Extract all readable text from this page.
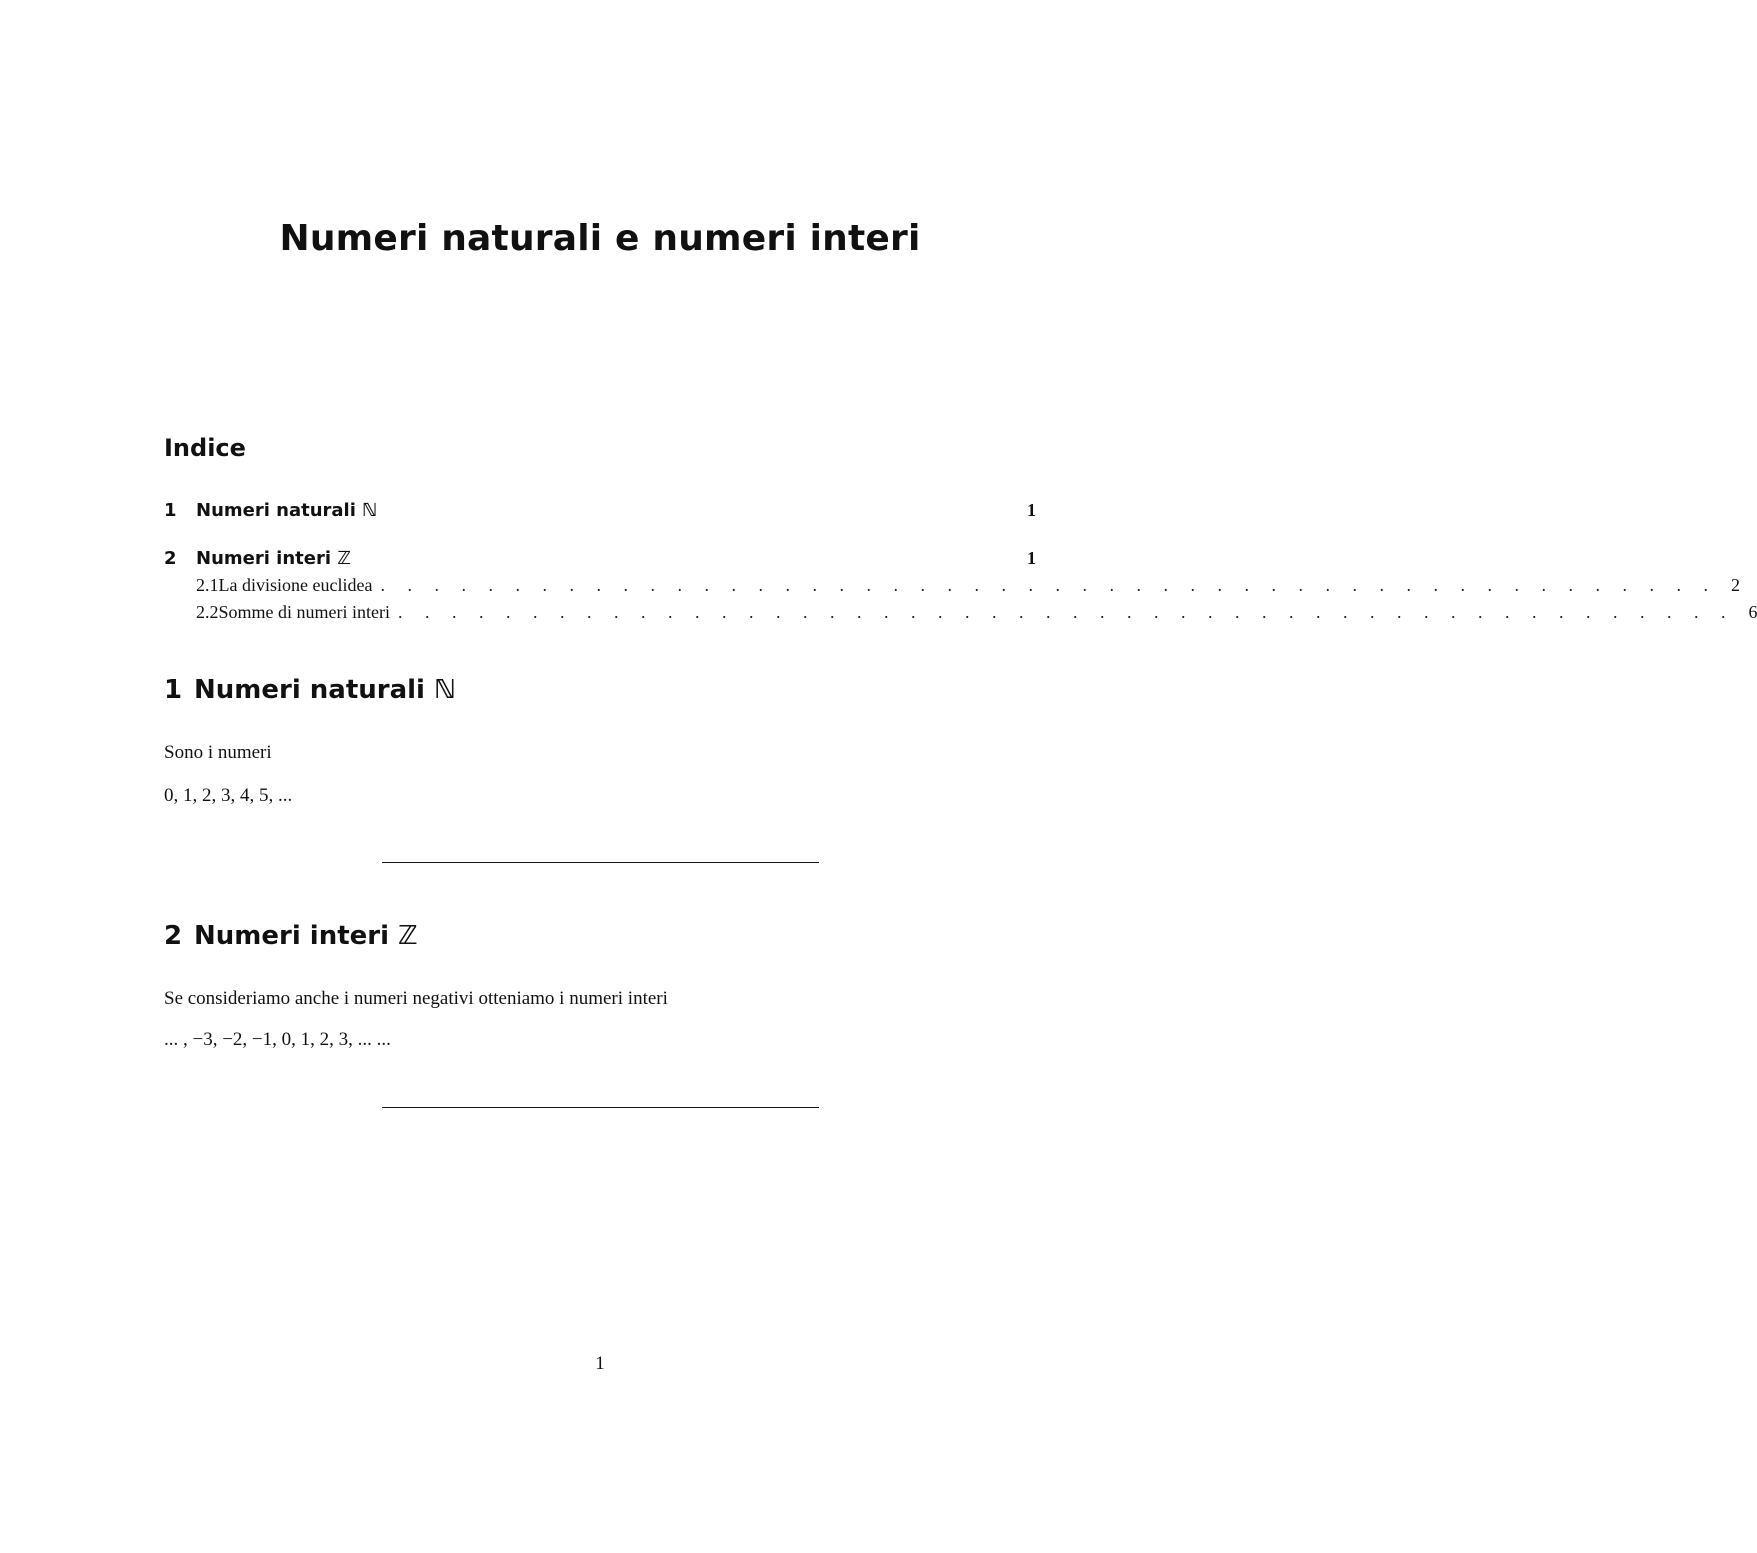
Numeri naturali e numeri interi
Indice
1	Numeri naturali ℕ	1
2	Numeri interi ℤ	1
2.1 La divisione euclidea . . . . . . . . . . . . . . . . . . . . . . . . . . . . . . . . . . . . . . . . . . . . . . . . . . 2
2.2 Somme di numeri interi . . . . . . . . . . . . . . . . . . . . . . . . . . . . . . . . . . . . . . . . . . . . . . . . . . 6
1 Numeri naturali ℕ
Sono i numeri
0, 1, 2, 3, 4, 5, ...
2 Numeri interi ℤ
Se consideriamo anche i numeri negativi otteniamo i numeri interi
... , −3, −2, −1, 0, 1, 2, 3, ... ...
1
